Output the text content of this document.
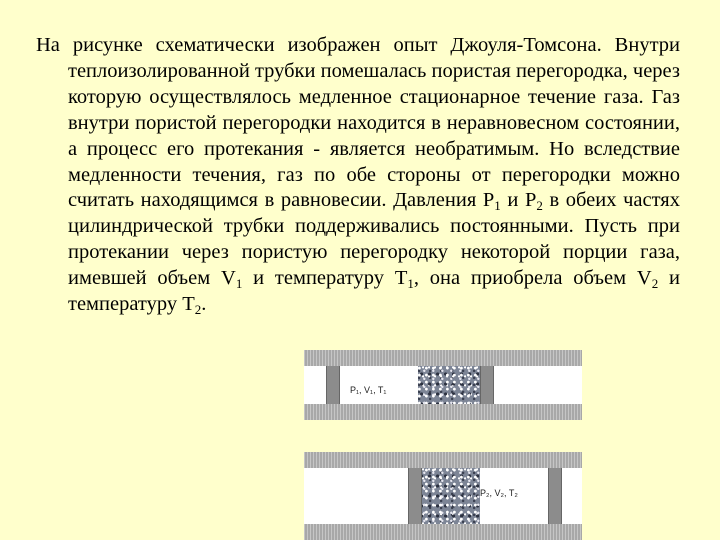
На рисунке схематически изображен опыт Джоуля-Томсона. Внутри теплоизолированной трубки помешалась пористая перегородка, через которую осуществлялось медленное стационарное течение газа. Газ внутри пористой перегородки находится в неравновесном состоянии, а процесс его протекания - является необратимым. Но вследствие медленности течения, газ по обе стороны от перегородки можно считать находящимся в равновесии. Давления $P_1$ и $P_2$ в обеих частях цилиндрической трубки поддерживались постоянными. Пусть при протекании через пористую перегородку некоторой порции газа, имевшей объем $V_1$ и температуру $T_1$, она приобрела объем $V_2$ и температуру $T_2$.

P₁, V₁, T₁
P₂, V₂, T₂
